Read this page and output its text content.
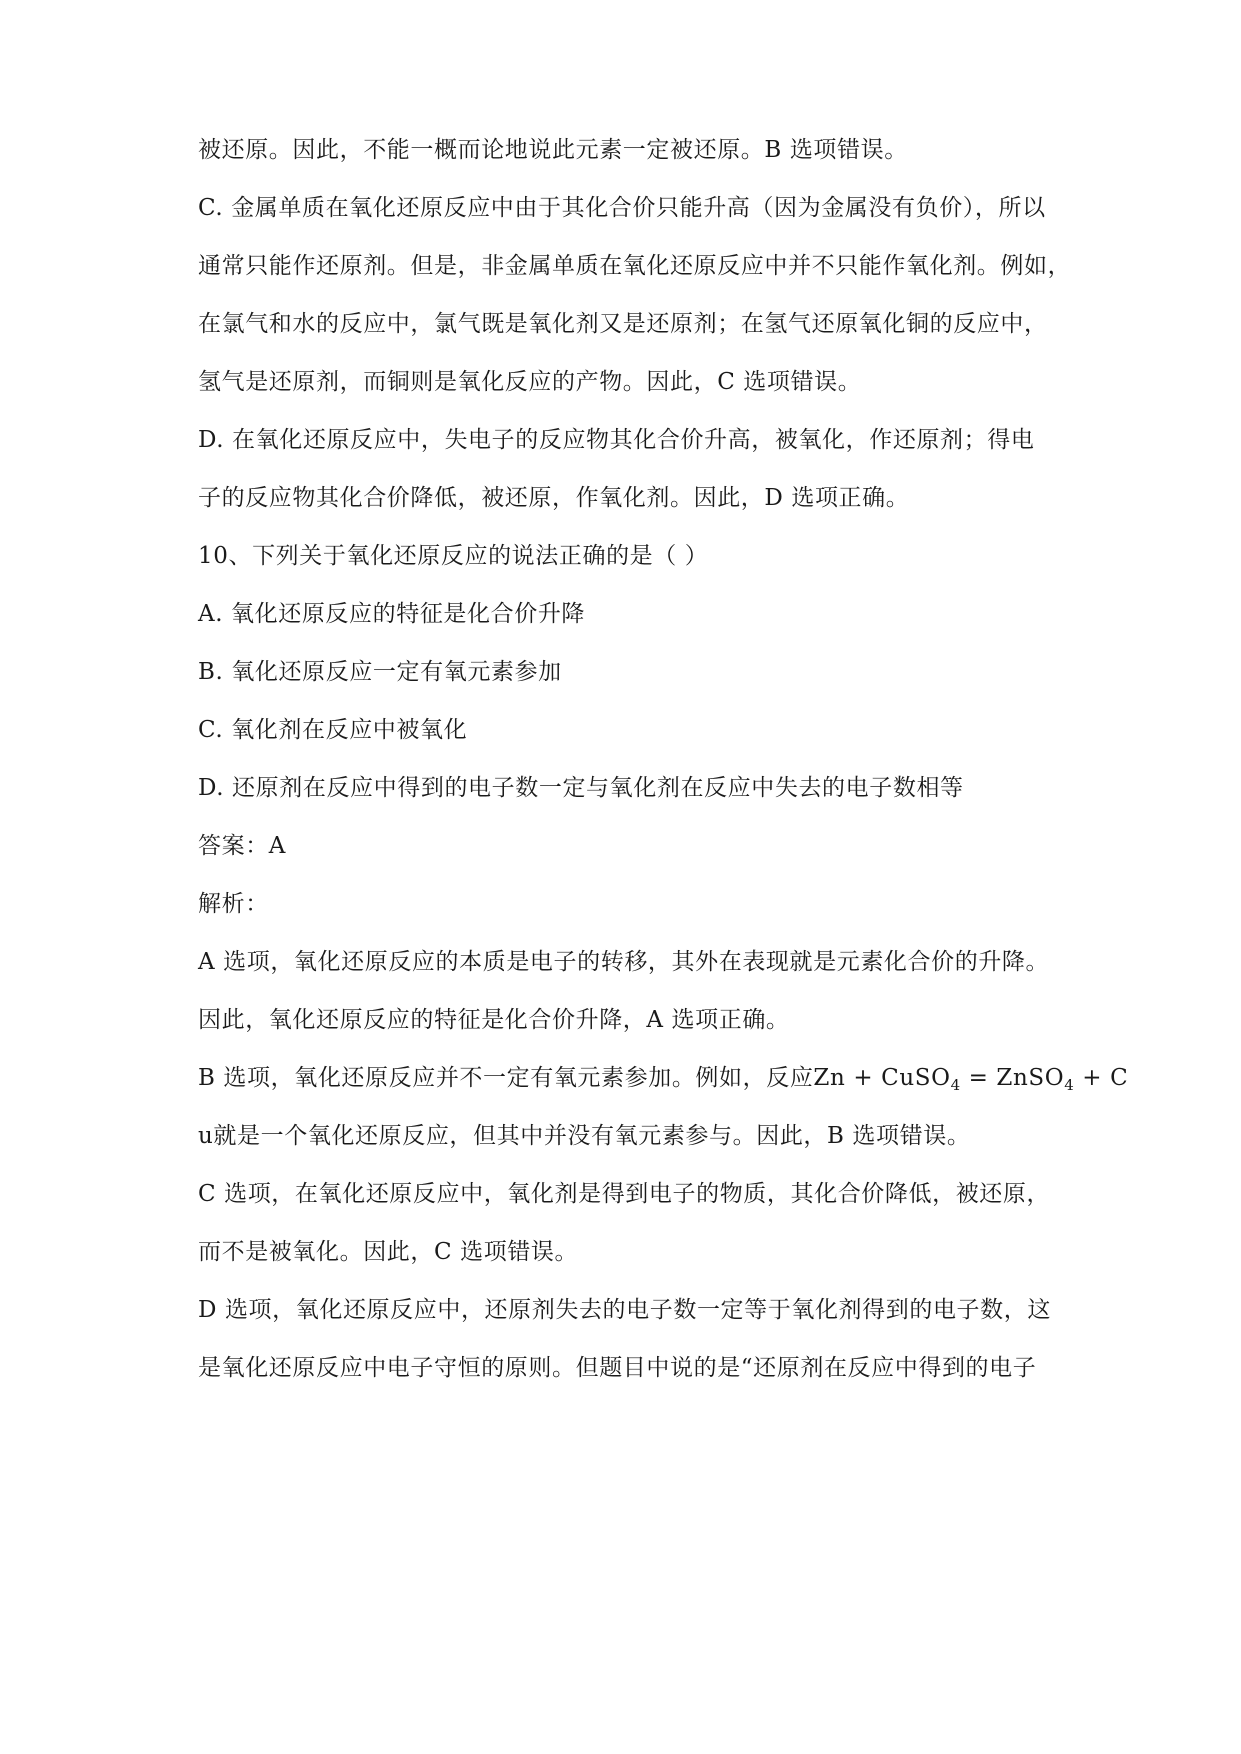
被还原。因此，不能一概而论地说此元素一定被还原。B 选项错误。
C. 金属单质在氧化还原反应中由于其化合价只能升高（因为金属没有负价），所以
通常只能作还原剂。但是，非金属单质在氧化还原反应中并不只能作氧化剂。例如，
在氯气和水的反应中，氯气既是氧化剂又是还原剂；在氢气还原氧化铜的反应中，
氢气是还原剂，而铜则是氧化反应的产物。因此，C 选项错误。
D. 在氧化还原反应中，失电子的反应物其化合价升高，被氧化，作还原剂；得电
子的反应物其化合价降低，被还原，作氧化剂。因此，D 选项正确。
10、下列关于氧化还原反应的说法正确的是（ ）
A. 氧化还原反应的特征是化合价升降
B. 氧化还原反应一定有氧元素参加
C. 氧化剂在反应中被氧化
D. 还原剂在反应中得到的电子数一定与氧化剂在反应中失去的电子数相等
答案：A
解析：
A 选项，氧化还原反应的本质是电子的转移，其外在表现就是元素化合价的升降。
因此，氧化还原反应的特征是化合价升降，A 选项正确。
B 选项，氧化还原反应并不一定有氧元素参加。例如，反应Zn + CuSO$_4$ = ZnSO$_4$ + C
u就是一个氧化还原反应，但其中并没有氧元素参与。因此，B 选项错误。
C 选项，在氧化还原反应中，氧化剂是得到电子的物质，其化合价降低，被还原，
而不是被氧化。因此，C 选项错误。
D 选项，氧化还原反应中，还原剂失去的电子数一定等于氧化剂得到的电子数，这
是氧化还原反应中电子守恒的原则。但题目中说的是“还原剂在反应中得到的电子
